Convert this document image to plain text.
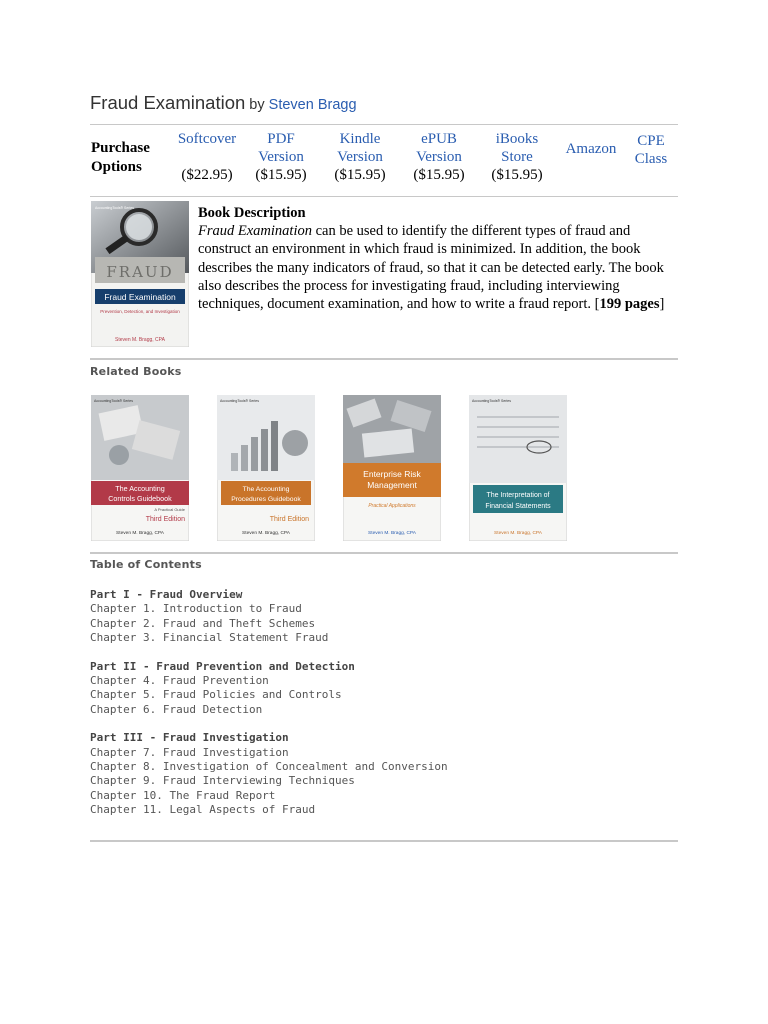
Fraud Examination by Steven Bragg
Purchase
Options
Softcover
($22.95)
PDF
Version
($15.95)
Kindle
Version
($15.95)
ePUB
Version
($15.95)
iBooks
Store
($15.95)
Amazon	CPE
Class
FRAUD
Fraud Examination
Prevention, Detection, and Investigation
Steven M. Bragg, CPA
AccountingTools® Series	Book Description
Fraud Examination can be used to identify the different types of fraud and construct an environment in which fraud is minimized. In addition, the book describes the many indicators of fraud, so that it can be detected early. The book also describes the process for investigating fraud, including interviewing techniques, document examination, and how to write a fraud report. [199 pages]
Related Books
The Accounting
Controls Guidebook
A Practical Guide
Third Edition
Steven M. Bragg, CPA
AccountingTools® Series
The Accounting
Procedures Guidebook
Third Edition
Steven M. Bragg, CPA
AccountingTools® Series
Enterprise Risk
Management
Practical Applications
Steven M. Bragg, CPA
The Interpretation of
Financial Statements
Steven M. Bragg, CPA
AccountingTools® Series
Table of Contents
Part I - Fraud Overview
Chapter 1. Introduction to Fraud
Chapter 2. Fraud and Theft Schemes
Chapter 3. Financial Statement Fraud
Part II - Fraud Prevention and Detection
Chapter 4. Fraud Prevention
Chapter 5. Fraud Policies and Controls
Chapter 6. Fraud Detection
Part III - Fraud Investigation
Chapter 7. Fraud Investigation
Chapter 8. Investigation of Concealment and Conversion
Chapter 9. Fraud Interviewing Techniques
Chapter 10. The Fraud Report
Chapter 11. Legal Aspects of Fraud
